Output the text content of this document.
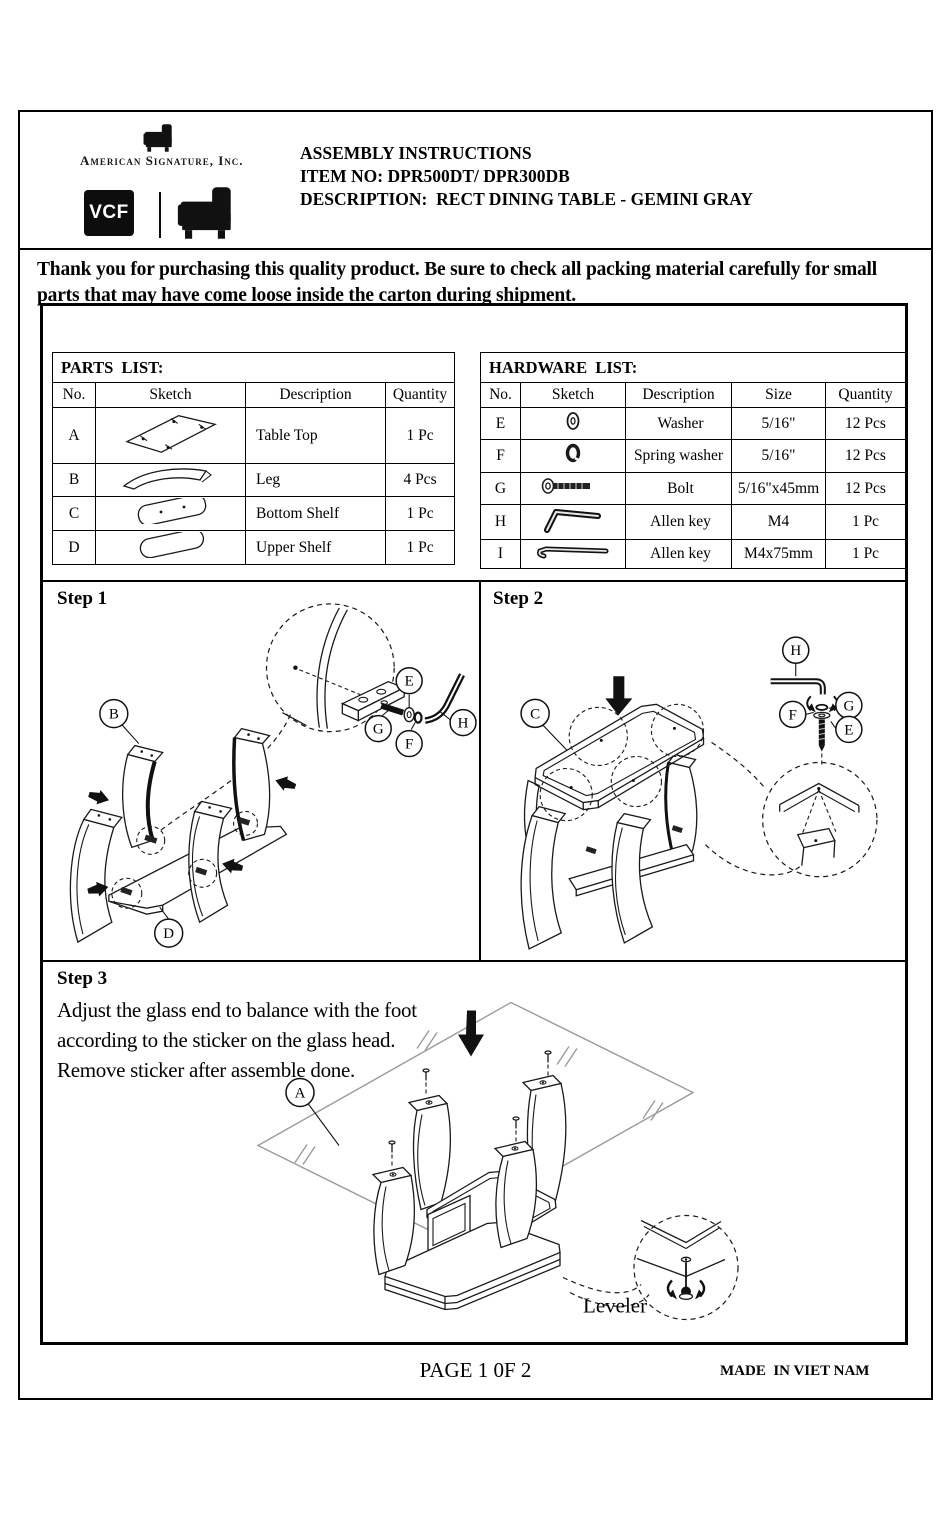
American Signature, Inc.
VCF
ASSEMBLY INSTRUCTIONS
ITEM NO: DPR500DT/ DPR300DB
DESCRIPTION:  RECT DINING TABLE - GEMINI GRAY
Thank you for purchasing this quality product. Be sure to check all packing material carefully for small parts that may have come loose inside the carton during shipment.
PARTS  LIST:			
No.	Sketch	Description	Quantity
A		Table Top	1 Pc
B		Leg	4 Pcs
C		Bottom Shelf	1 Pc
D		Upper Shelf	1 Pc
HARDWARE  LIST:				
No.	Sketch	Description	Size	Quantity
E		Washer	5/16"	12 Pcs
F		Spring washer	5/16"	12 Pcs
G		Bolt	5/16"x45mm	12 Pcs
H		Allen key	M4	1 Pc
I		Allen key	M4x75mm	1 Pc
Step 1
B
D
E
F
G	H
Step 2
C
H
G
F
E
Step 3
Adjust the glass end to balance with the foot
according to the sticker on the glass head.
Remove sticker after assemble done.
Leveler
A
PAGE 1 0F 2	MADE  IN VIET NAM
